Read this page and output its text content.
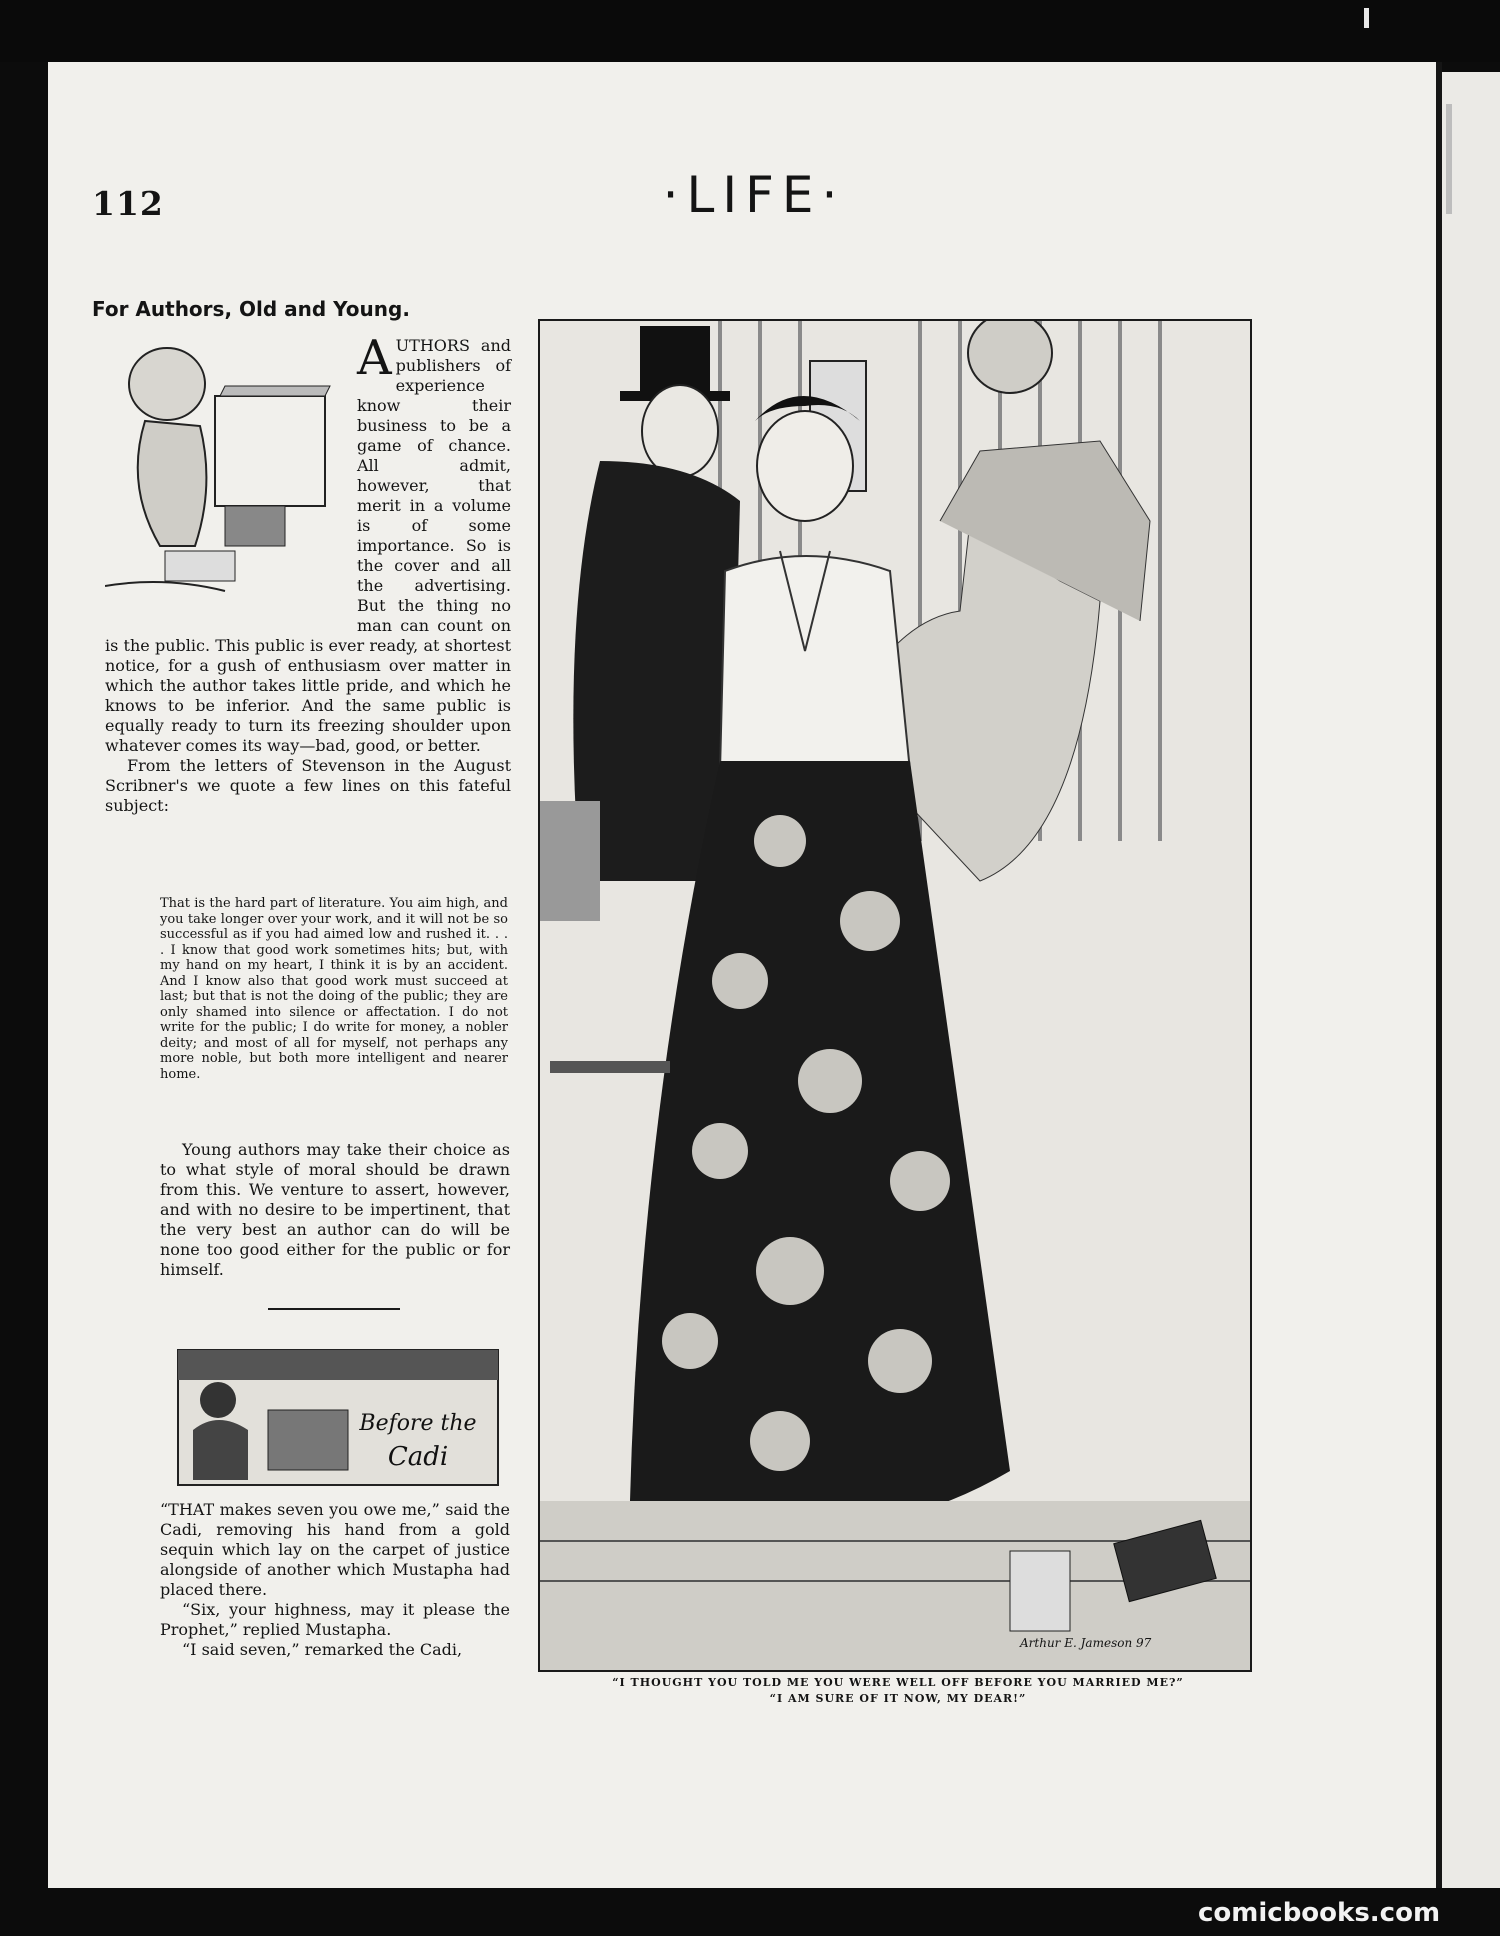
112	·LIFE·
For Authors, Old and Young.
A UTHORS and publishers of experience know their business to be a game of chance. All admit, however, that merit in a volume is of some importance. So is the cover and all the advertising. But the thing no man can count on is the public. This public is ever ready, at shortest notice, for a gush of enthusiasm over matter in which the author takes little pride, and which he knows to be inferior. And the same public is equally ready to turn its freezing shoulder upon whatever comes its way—bad, good, or better.

From the letters of Stevenson in the August Scribner's we quote a few lines on this fateful subject:

That is the hard part of literature. You aim high, and you take longer over your work, and it will not be so successful as if you had aimed low and rushed it. . . . I know that good work sometimes hits; but, with my hand on my heart, I think it is by an accident. And I know also that good work must succeed at last; but that is not the doing of the public; they are only shamed into silence or affectation. I do not write for the public; I do write for money, a nobler deity; and most of all for myself, not perhaps any more noble, but both more intelligent and nearer home.

Young authors may take their choice as to what style of moral should be drawn from this. We venture to assert, however, and with no desire to be impertinent, that the very best an author can do will be none too good either for the public or for himself.

Before the
Cadi

“THAT makes seven you owe me,” said the Cadi, removing his hand from a gold sequin which lay on the carpet of justice alongside of another which Mustapha had placed there.

“Six, your highness, may it please the Prophet,” replied Mustapha.

“I said seven,” remarked the Cadi,	Arthur E. Jameson 97
“I THOUGHT YOU TOLD ME YOU WERE WELL OFF BEFORE YOU MARRIED ME?”
“I AM SURE OF IT NOW, MY DEAR!”
comicbooks.com
